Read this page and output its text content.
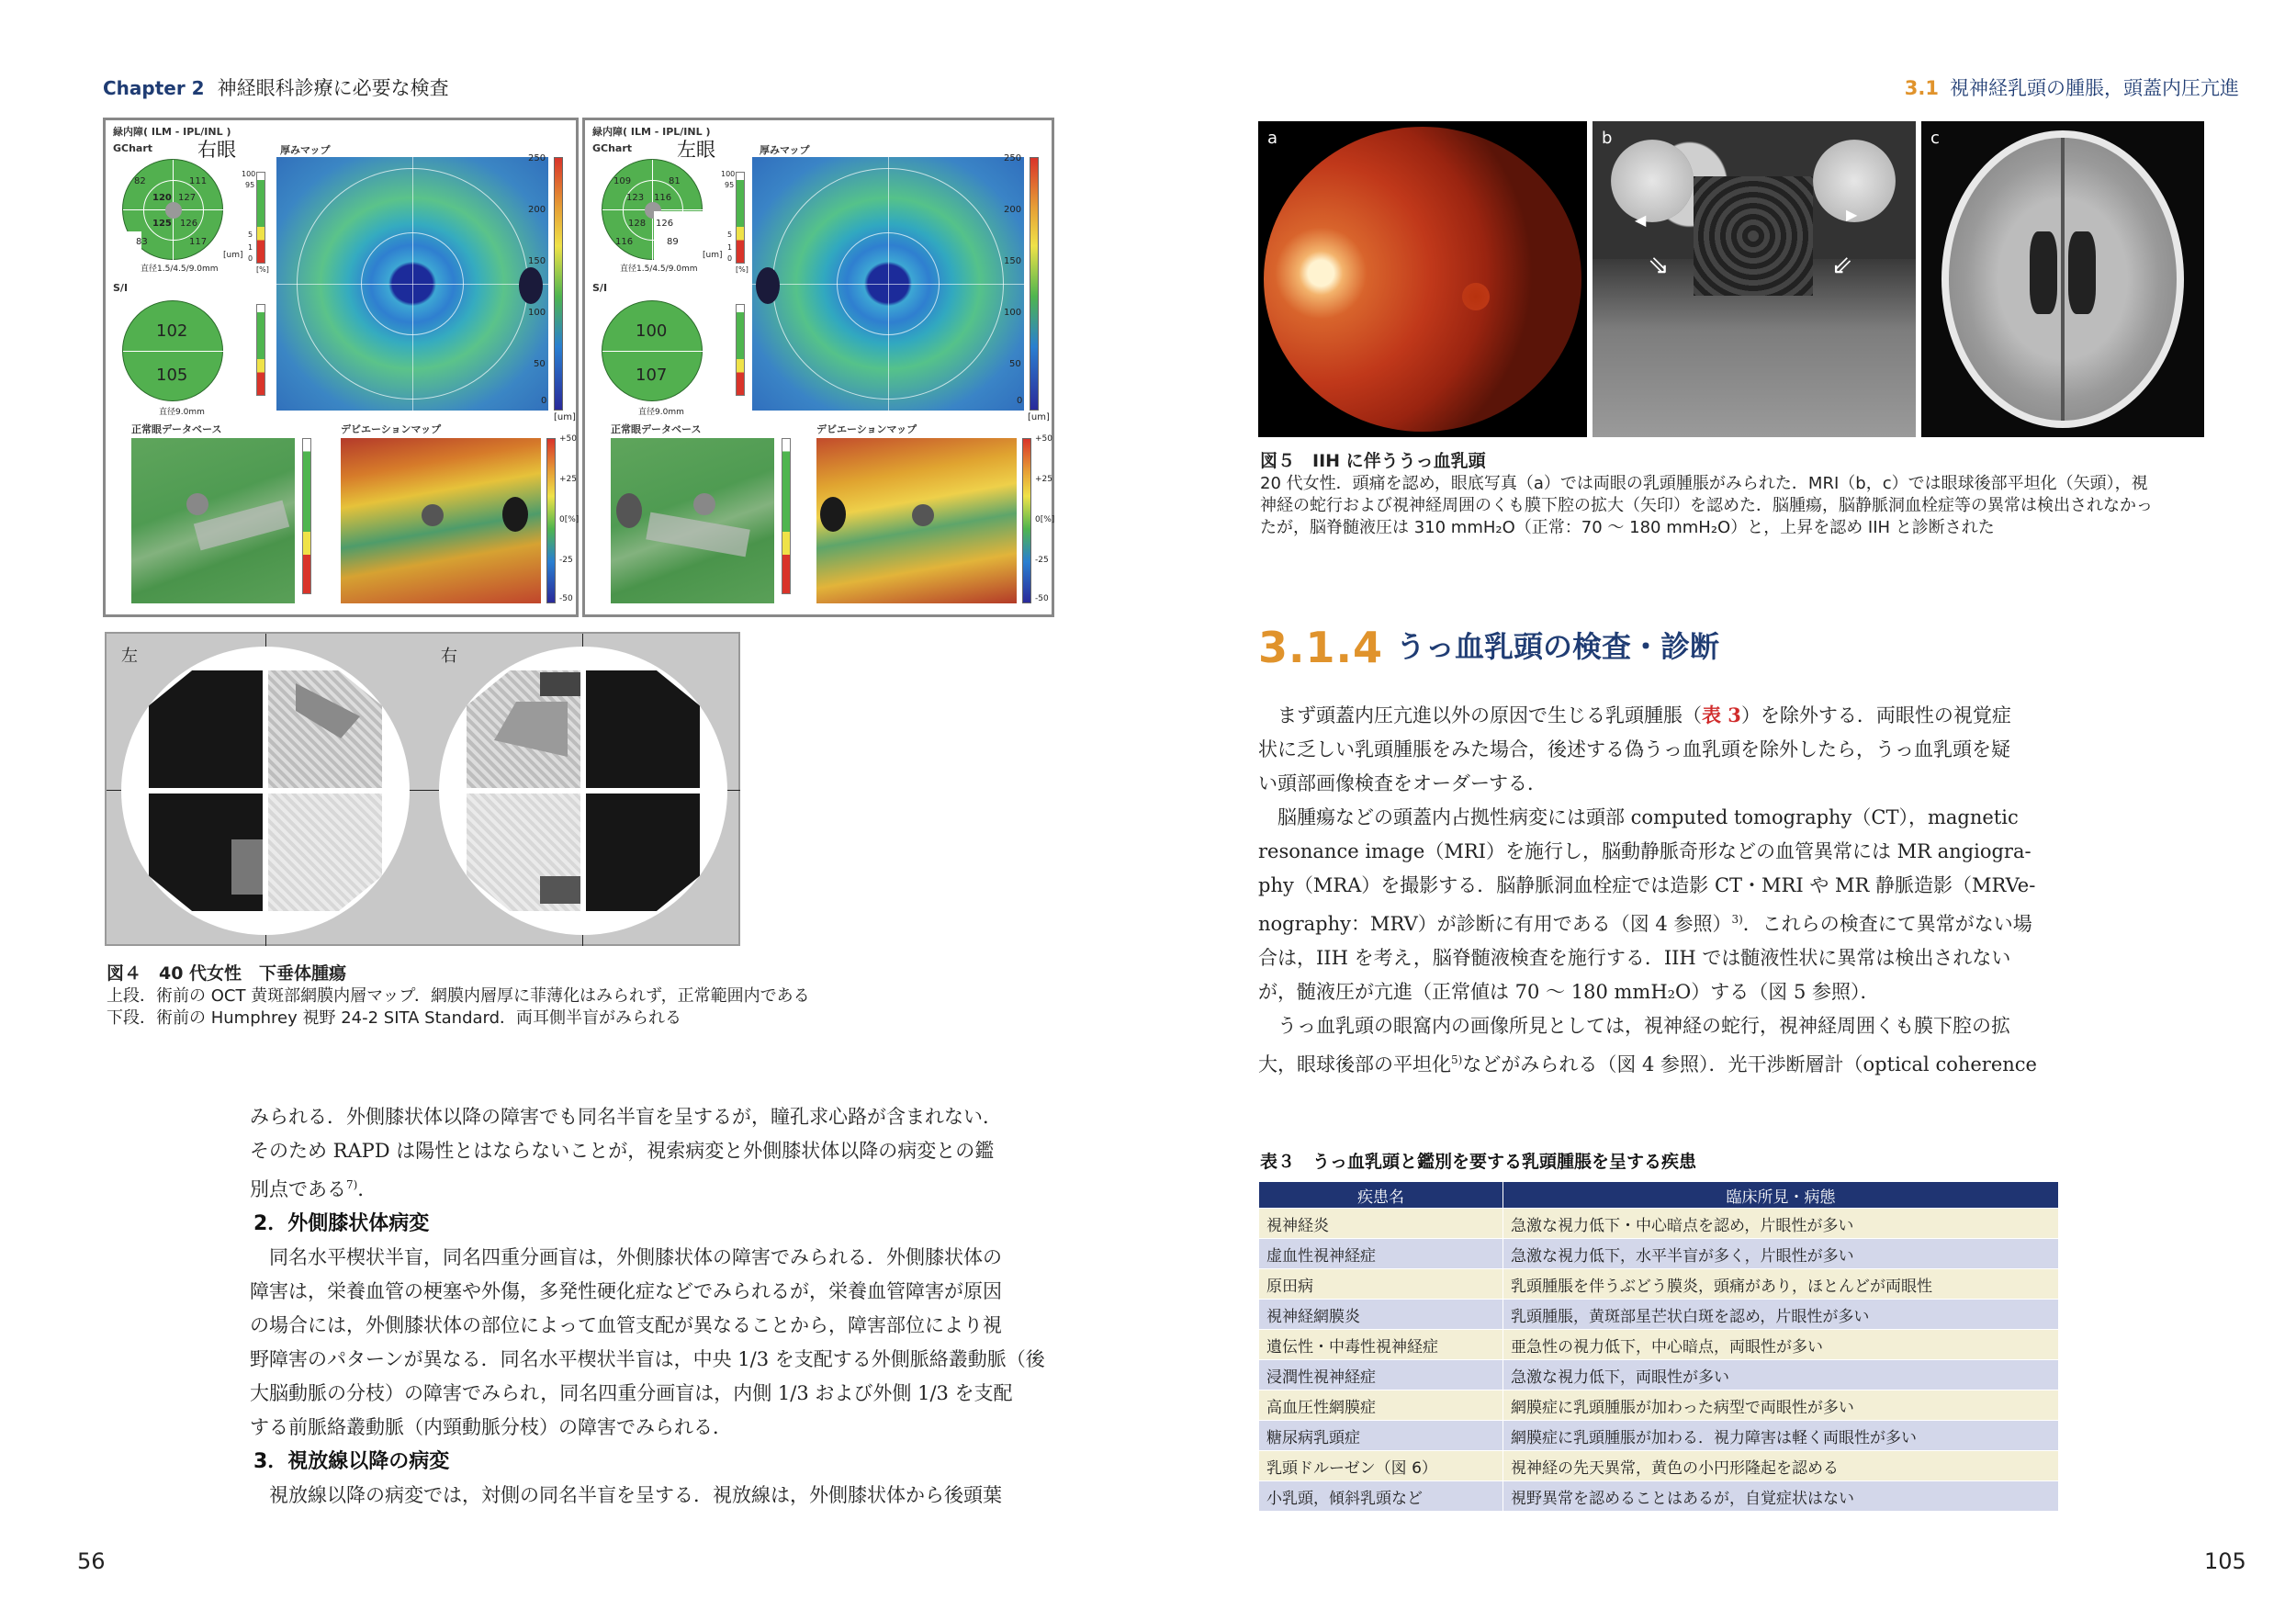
Chapter 2 神経眼科診療に必要な検査	3.1 視神経乳頭の腫脹，頭蓋内圧亢進
緑内障( ILM - IPL/INL )
GChart 右眼	厚みマップ
82	111
120 127
125 126
83	117
直径1.5/4.5/9.0mm
[um]
100
95
5
1
0
[%]
S/I
102
105
直径9.0mm
250
200
150
100
50
0
[um]
正常眼データベース	デビエーションマップ
+50
+25
0[%]
-25
-50
緑内障( ILM - IPL/INL )
GChart 左眼	厚みマップ
109	81
123 116
128 126
116	89
直径1.5/4.5/9.0mm
[um]
100
95
5
1
0
[%]
S/I
100
107
直径9.0mm
250
200
150
100
50
0
[um]
正常眼データベース	デビエーションマップ
+50
+25
0[%]
-25
-50
左	右
図４　40 代女性　下垂体腫瘍
上段．術前の OCT 黄斑部網膜内層マップ．網膜内層厚に菲薄化はみられず，正常範囲内である
下段．術前の Humphrey 視野 24-2 SITA Standard．両耳側半盲がみられる
みられる．外側膝状体以降の障害でも同名半盲を呈するが，瞳孔求心路が含まれない．
そのため RAPD は陽性とはならないことが，視索病変と外側膝状体以降の病変との鑑
別点である$^{7)}$．
2．外側膝状体病変
　同名水平楔状半盲，同名四重分画盲は，外側膝状体の障害でみられる．外側膝状体の
障害は，栄養血管の梗塞や外傷，多発性硬化症などでみられるが，栄養血管障害が原因
の場合には，外側膝状体の部位によって血管支配が異なることから，障害部位により視
野障害のパターンが異なる．同名水平楔状半盲は，中央 1/3 を支配する外側脈絡叢動脈（後
大脳動脈の分枝）の障害でみられ，同名四重分画盲は，内側 1/3 および外側 1/3 を支配
する前脈絡叢動脈（内頸動脈分枝）の障害でみられる．
3．視放線以降の病変
　視放線以降の病変では，対側の同名半盲を呈する．視放線は，外側膝状体から後頭葉
56	105
a
⇘	⇙
◀	▶
b	c
図５　IIH に伴ううっ血乳頭
20 代女性．頭痛を認め，眼底写真（a）では両眼の乳頭腫脹がみられた．MRI（b，c）では眼球後部平坦化（矢頭），視
神経の蛇行および視神経周囲のくも膜下腔の拡大（矢印）を認めた．脳腫瘍，脳静脈洞血栓症等の異常は検出されなかっ
たが，脳脊髄液圧は 310 mmH₂O（正常：70 ～ 180 mmH₂O）と，上昇を認め IIH と診断された
3.1.4 うっ血乳頭の検査・診断
　まず頭蓋内圧亢進以外の原因で生じる乳頭腫脹（表 3）を除外する．両眼性の視覚症
状に乏しい乳頭腫脹をみた場合，後述する偽うっ血乳頭を除外したら，うっ血乳頭を疑
い頭部画像検査をオーダーする．
　脳腫瘍などの頭蓋内占拠性病変には頭部 computed tomography（CT），magnetic
resonance image（MRI）を施行し，脳動静脈奇形などの血管異常には MR angiogra-
phy（MRA）を撮影する．脳静脈洞血栓症では造影 CT・MRI や MR 静脈造影（MRVe-
nography：MRV）が診断に有用である（図 4 参照）$^{3)}$．これらの検査にて異常がない場
合は，IIH を考え，脳脊髄液検査を施行する．IIH では髄液性状に異常は検出されない
が，髄液圧が亢進（正常値は 70 ～ 180 mmH₂O）する（図 5 参照）．
　うっ血乳頭の眼窩内の画像所見としては，視神経の蛇行，視神経周囲くも膜下腔の拡
大，眼球後部の平坦化$^{5)}$などがみられる（図 4 参照）．光干渉断層計（optical coherence
表３　うっ血乳頭と鑑別を要する乳頭腫脹を呈する疾患
疾患名	臨床所見・病態
視神経炎	急激な視力低下・中心暗点を認め，片眼性が多い
虚血性視神経症	急激な視力低下，水平半盲が多く，片眼性が多い
原田病	乳頭腫脹を伴うぶどう膜炎，頭痛があり，ほとんどが両眼性
視神経網膜炎	乳頭腫脹，黄斑部星芒状白斑を認め，片眼性が多い
遺伝性・中毒性視神経症	亜急性の視力低下，中心暗点，両眼性が多い
浸潤性視神経症	急激な視力低下，両眼性が多い
高血圧性網膜症	網膜症に乳頭腫脹が加わった病型で両眼性が多い
糖尿病乳頭症	網膜症に乳頭腫脹が加わる．視力障害は軽く両眼性が多い
乳頭ドルーゼン（図 6）	視神経の先天異常，黄色の小円形隆起を認める
小乳頭，傾斜乳頭など	視野異常を認めることはあるが，自覚症状はない
